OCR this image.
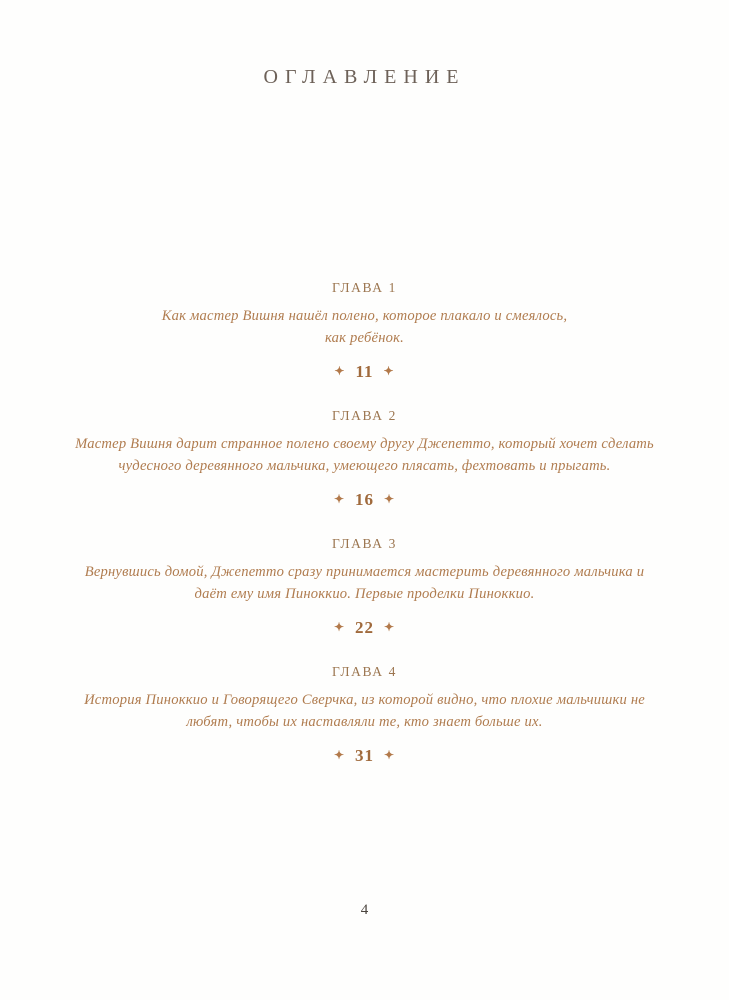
ОГЛАВЛЕНИЕ
ГЛАВА 1
Как мастер Вишня нашёл полено, которое плакало и смеялось, как ребёнок.
✦ 11 ✦
ГЛАВА 2
Мастер Вишня дарит странное полено своему другу Джепетто, который хочет сделать чудесного деревянного мальчика, умеющего плясать, фехтовать и прыгать.
✦ 16 ✦
ГЛАВА 3
Вернувшись домой, Джепетто сразу принимается мастерить деревянного мальчика и даёт ему имя Пиноккио. Первые проделки Пиноккио.
✦ 22 ✦
ГЛАВА 4
История Пиноккио и Говорящего Сверчка, из которой видно, что плохие мальчишки не любят, чтобы их наставляли те, кто знает больше их.
✦ 31 ✦
4
